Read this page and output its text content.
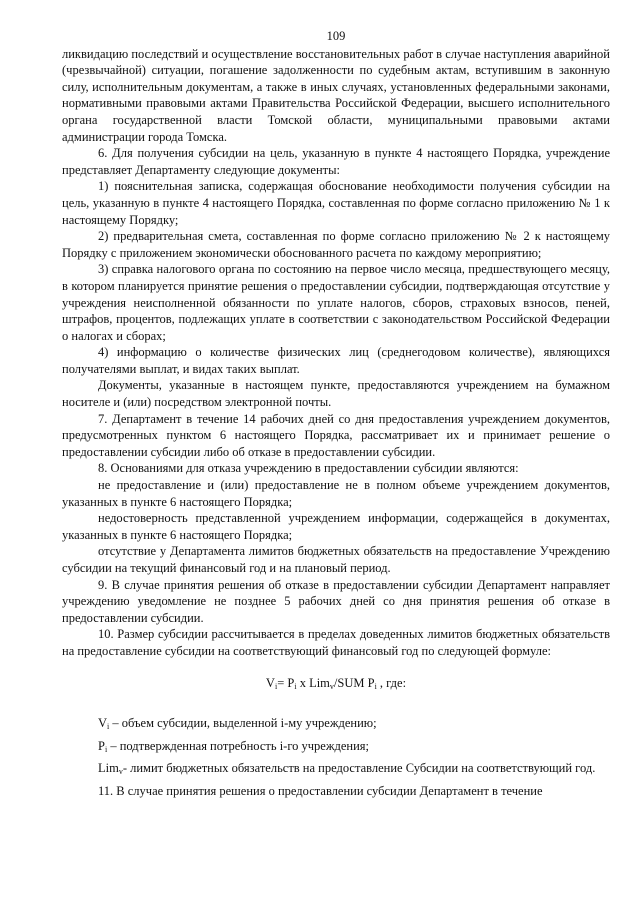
109

ликвидацию последствий и осуществление восстановительных работ в случае наступления аварийной (чрезвычайной) ситуации, погашение задолженности по судебным актам, вступившим в законную силу, исполнительным документам, а также в иных случаях, установленных федеральными законами, нормативными правовыми актами Правительства Российской Федерации, высшего исполнительного органа государственной власти Томской области, муниципальными правовыми актами администрации города Томска.

6. Для получения субсидии на цель, указанную в пункте 4 настоящего Порядка, учреждение представляет Департаменту следующие документы:

1) пояснительная записка, содержащая обоснование необходимости получения субсидии на цель, указанную в пункте 4 настоящего Порядка, составленная по форме согласно приложению № 1 к настоящему Порядку;

2) предварительная смета, составленная по форме согласно приложению № 2 к настоящему Порядку с приложением экономически обоснованного расчета по каждому мероприятию;

3) справка налогового органа по состоянию на первое число месяца, предшествующего месяцу, в котором планируется принятие решения о предоставлении субсидии, подтверждающая отсутствие у учреждения неисполненной обязанности по уплате налогов, сборов, страховых взносов, пеней, штрафов, процентов, подлежащих уплате в соответствии с законодательством Российской Федерации о налогах и сборах;

4) информацию о количестве физических лиц (среднегодовом количестве), являющихся получателями выплат, и видах таких выплат.

Документы, указанные в настоящем пункте, предоставляются учреждением на бумажном носителе и (или) посредством электронной почты.

7. Департамент в течение 14 рабочих дней со дня предоставления учреждением документов, предусмотренных пунктом 6 настоящего Порядка, рассматривает их и принимает решение о предоставлении субсидии либо об отказе в предоставлении субсидии.

8. Основаниями для отказа учреждению в предоставлении субсидии являются:

не предоставление и (или) предоставление не в полном объеме учреждением документов, указанных в пункте 6 настоящего Порядка;

недостоверность представленной учреждением информации, содержащейся в документах, указанных в пункте 6 настоящего Порядка;

отсутствие у Департамента лимитов бюджетных обязательств на предоставление Учреждению субсидии на текущий финансовый год и на плановый период.

9. В случае принятия решения об отказе в предоставлении субсидии Департамент направляет учреждению уведомление не позднее 5 рабочих дней со дня принятия решения об отказе в предоставлении субсидии.

10. Размер субсидии рассчитывается в пределах доведенных лимитов бюджетных обязательств на предоставление субсидии на соответствующий финансовый год по следующей формуле:

$V_i= P_i$ x Lim$_v$/SUM $P_i$ , где:

$V_i$ – объем субсидии, выделенной i-му учреждению;

$P_i$ – подтвержденная потребность i-го учреждения;

Lim$_v$- лимит бюджетных обязательств на предоставление Субсидии на соответствующий год.

11. В случае принятия решения о предоставлении субсидии Департамент в течение
